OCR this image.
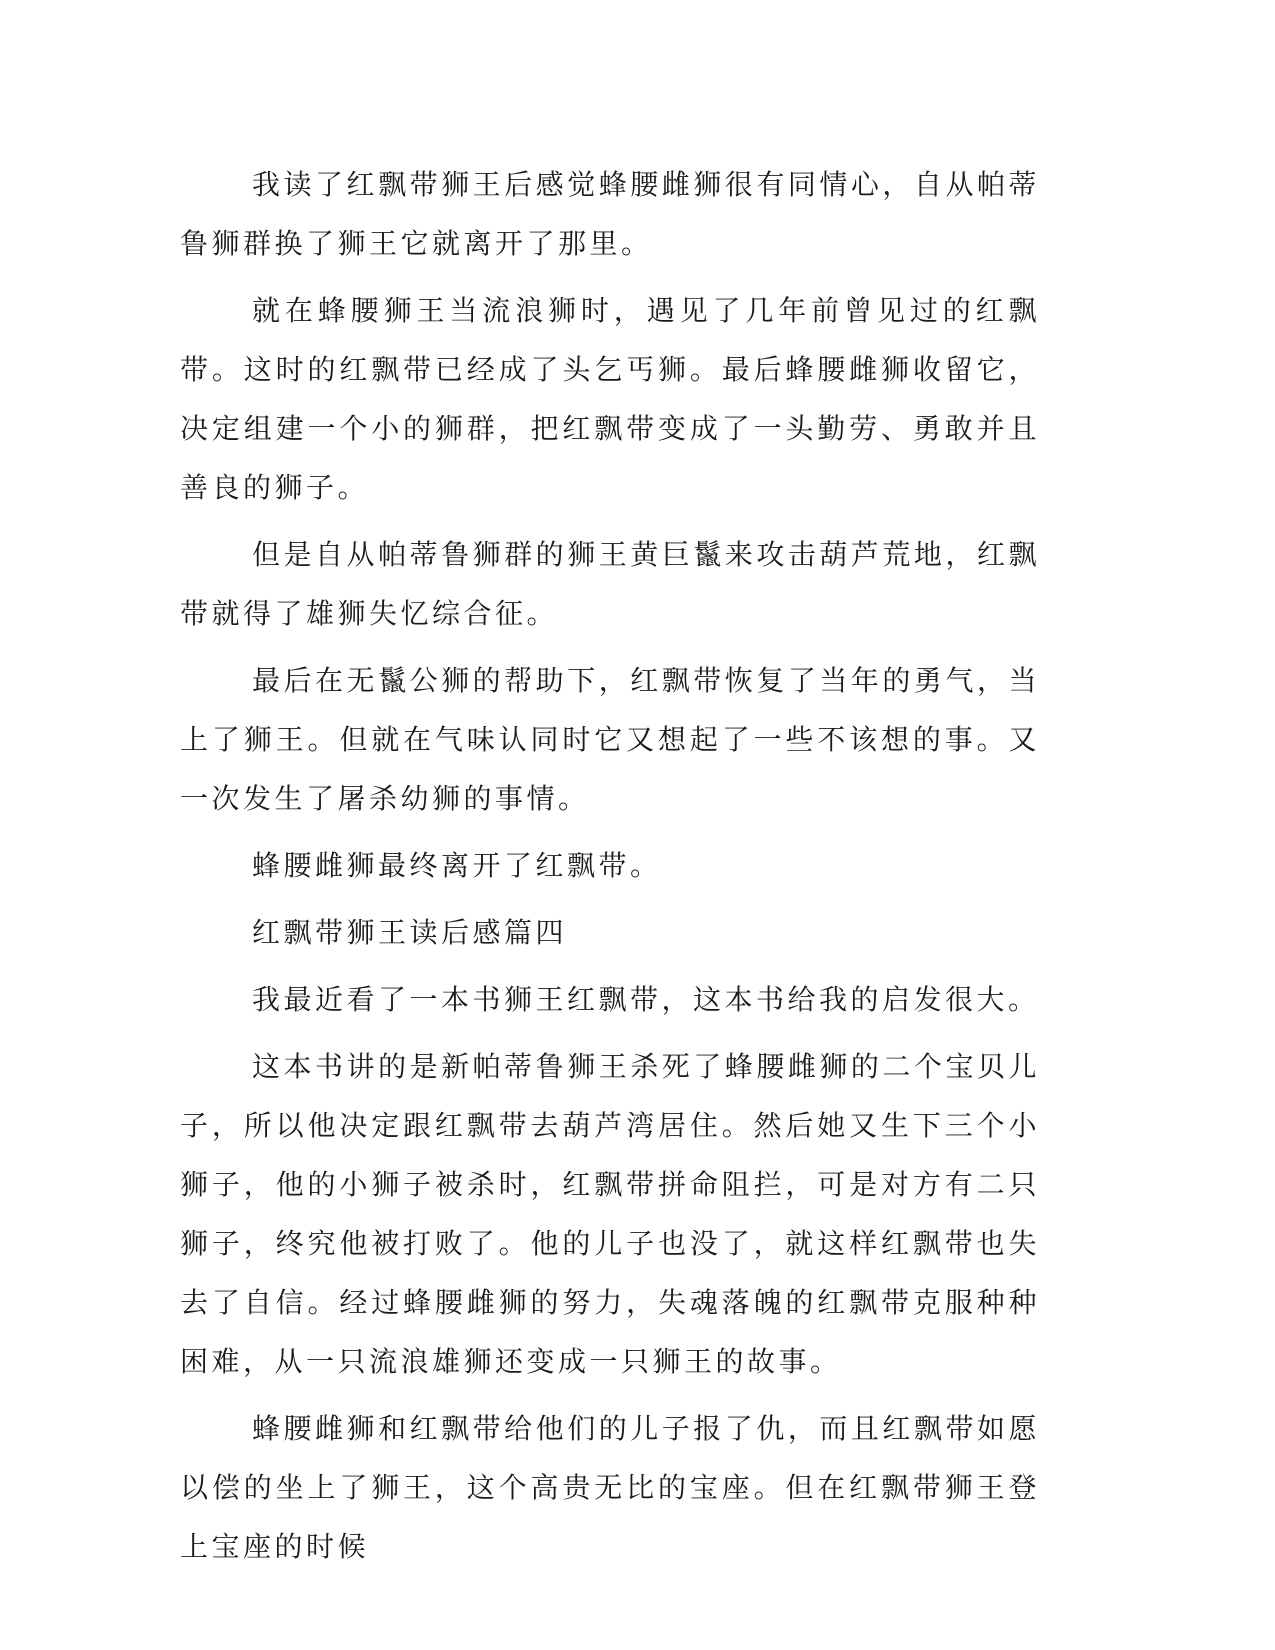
我读了红飘带狮王后感觉蜂腰雌狮很有同情心，自从帕蒂鲁狮群换了狮王它就离开了那里。

就在蜂腰狮王当流浪狮时，遇见了几年前曾见过的红飘带。这时的红飘带已经成了头乞丐狮。最后蜂腰雌狮收留它，决定组建一个小的狮群，把红飘带变成了一头勤劳、勇敢并且善良的狮子。

但是自从帕蒂鲁狮群的狮王黄巨鬣来攻击葫芦荒地，红飘带就得了雄狮失忆综合征。

最后在无鬣公狮的帮助下，红飘带恢复了当年的勇气，当上了狮王。但就在气味认同时它又想起了一些不该想的事。又一次发生了屠杀幼狮的事情。

蜂腰雌狮最终离开了红飘带。

红飘带狮王读后感篇四

我最近看了一本书狮王红飘带，这本书给我的启发很大。

这本书讲的是新帕蒂鲁狮王杀死了蜂腰雌狮的二个宝贝儿子，所以他决定跟红飘带去葫芦湾居住。然后她又生下三个小狮子，他的小狮子被杀时，红飘带拼命阻拦，可是对方有二只狮子，终究他被打败了。他的儿子也没了，就这样红飘带也失去了自信。经过蜂腰雌狮的努力，失魂落魄的红飘带克服种种困难，从一只流浪雄狮还变成一只狮王的故事。

蜂腰雌狮和红飘带给他们的儿子报了仇，而且红飘带如愿以偿的坐上了狮王，这个高贵无比的宝座。但在红飘带狮王登上宝座的时候
